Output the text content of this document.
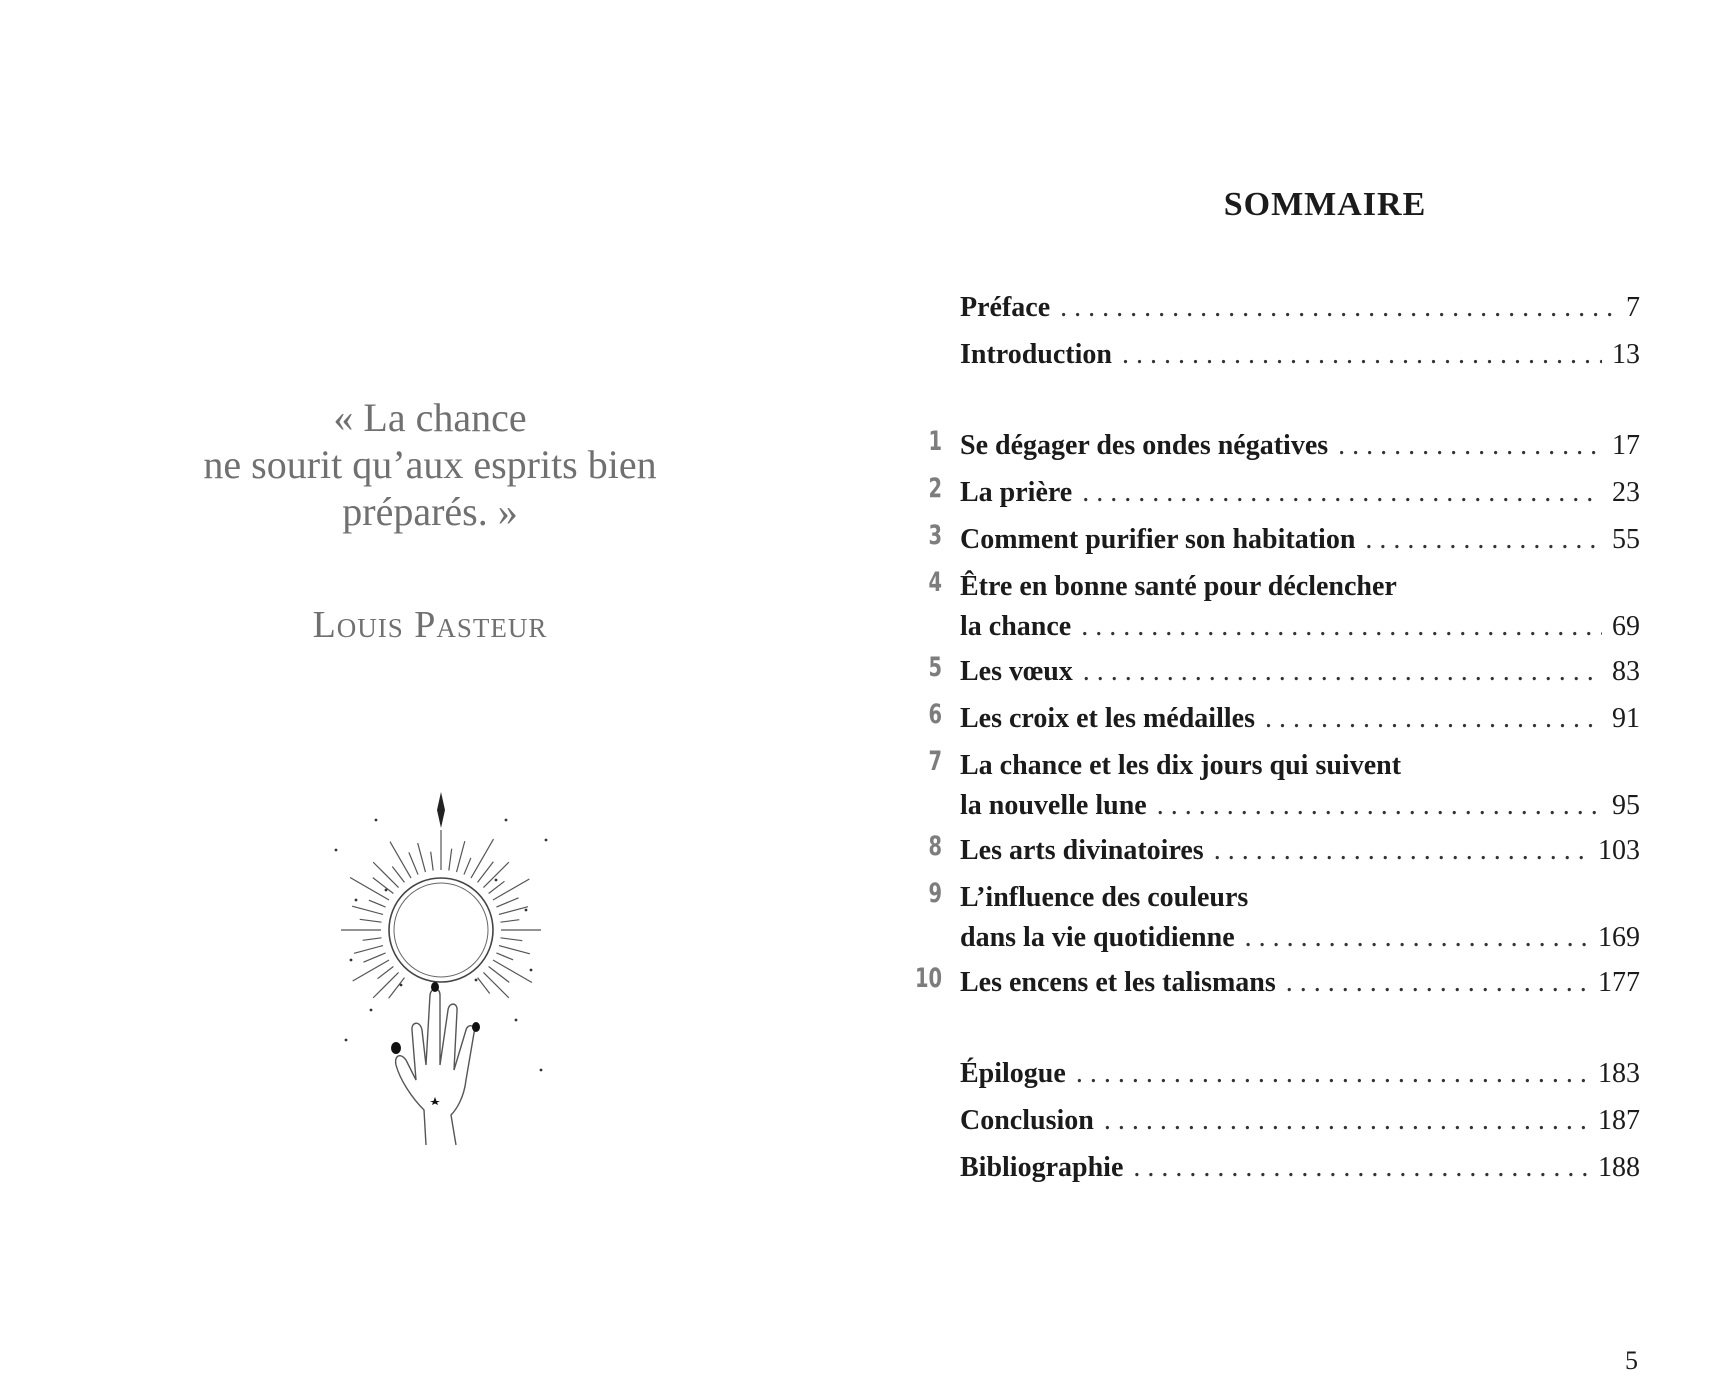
« La chance
ne sourit qu’aux esprits bien
préparés. »
Louis Pasteur
SOMMAIRE
Préface . . .	7
Introduction . . .	13
1 Se dégager des ondes négatives . . .	17
2 La prière . . .	23
3 Comment purifier son habitation . . .	55
4 Être en bonne santé pour déclencher
la chance . . .	69
5 Les vœux . . .	83
6 Les croix et les médailles . . .	91
7 La chance et les dix jours qui suivent
la nouvelle lune . . .	95
8 Les arts divinatoires . . .	103
9 L’influence des couleurs
dans la vie quotidienne . . .	169
10 Les encens et les talismans . . .	177
Épilogue . . .	183
Conclusion . . .	187
Bibliographie . . .	188
5
